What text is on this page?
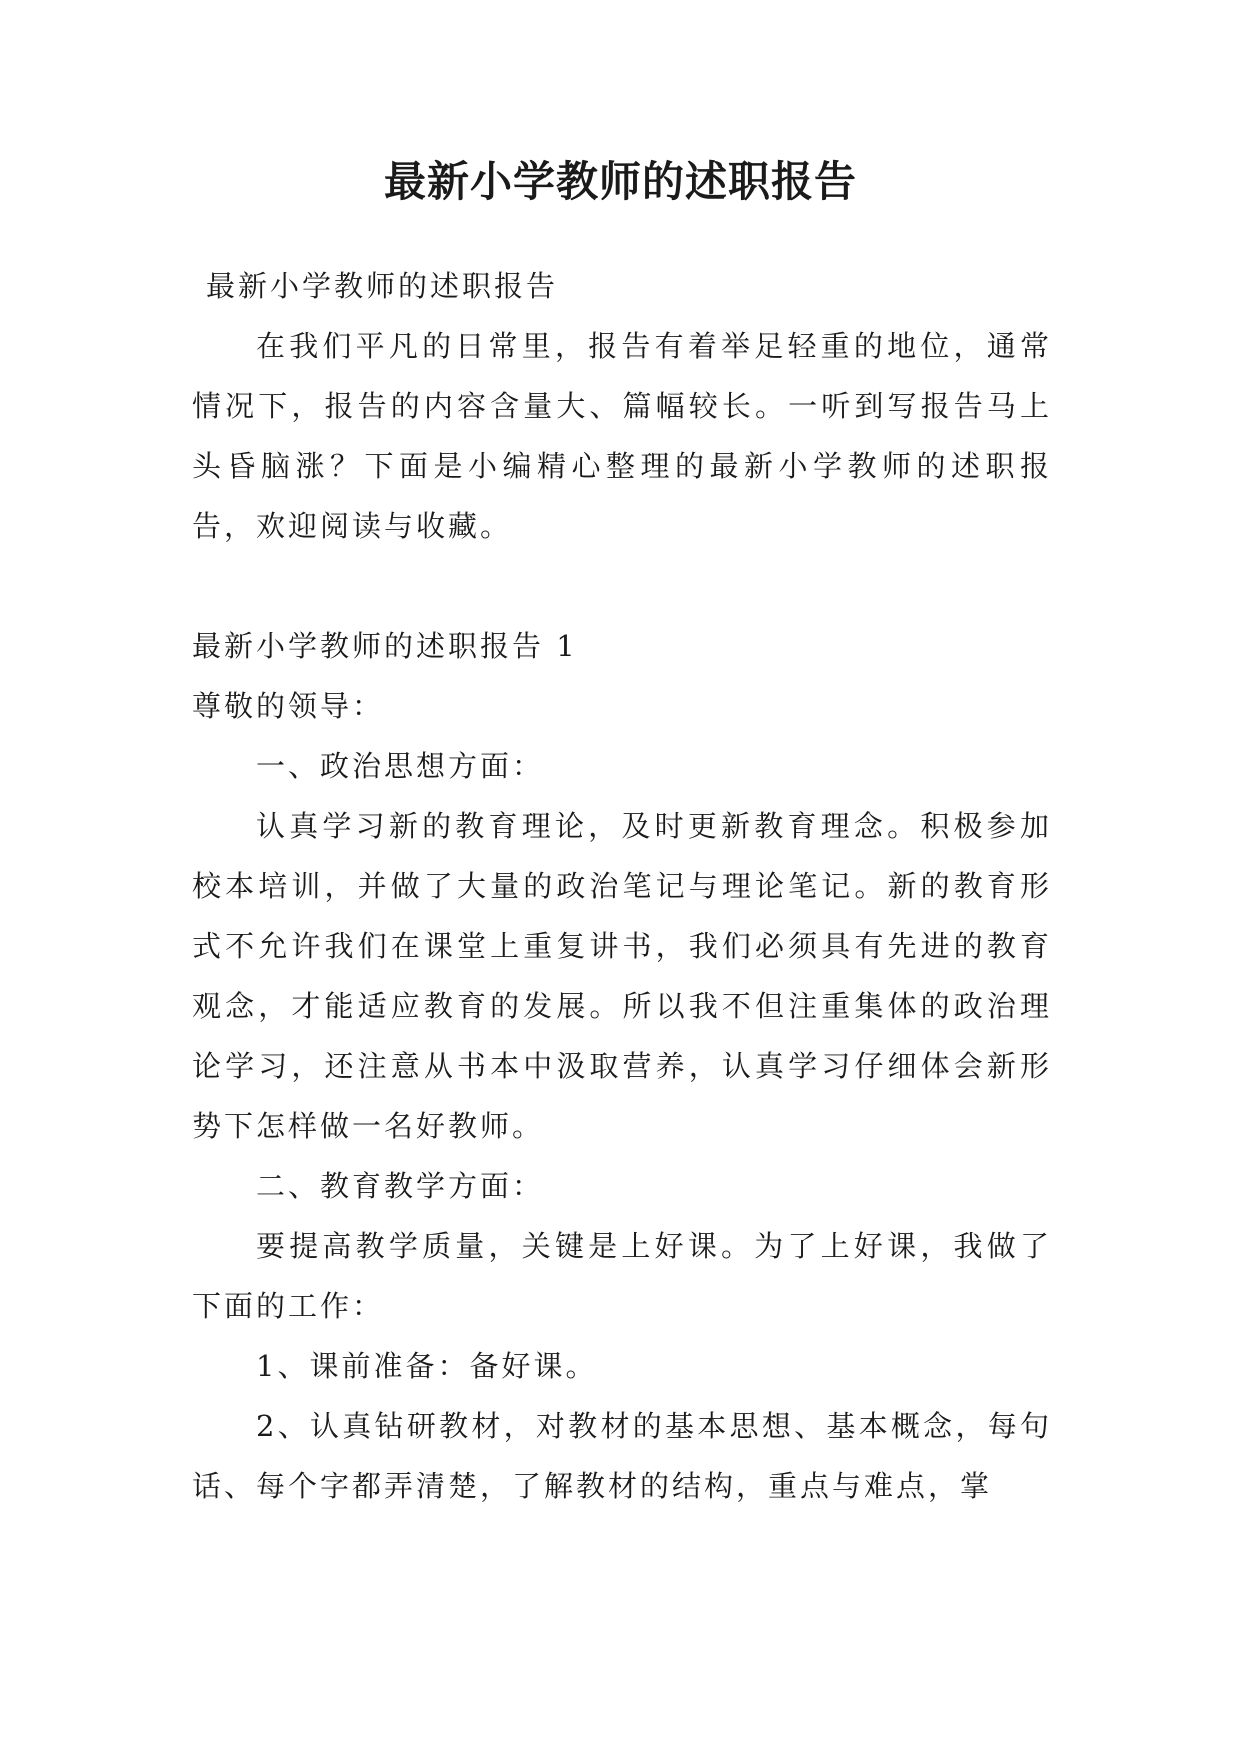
最新小学教师的述职报告

最新小学教师的述职报告

在我们平凡的日常里，报告有着举足轻重的地位，通常情况下，报告的内容含量大、篇幅较长。一听到写报告马上头昏脑涨？下面是小编精心整理的最新小学教师的述职报告，欢迎阅读与收藏。

最新小学教师的述职报告 1

尊敬的领导：

一、政治思想方面：

认真学习新的教育理论，及时更新教育理念。积极参加校本培训，并做了大量的政治笔记与理论笔记。新的教育形式不允许我们在课堂上重复讲书，我们必须具有先进的教育观念，才能适应教育的发展。所以我不但注重集体的政治理论学习，还注意从书本中汲取营养，认真学习仔细体会新形势下怎样做一名好教师。

二、教育教学方面：

要提高教学质量，关键是上好课。为了上好课，我做了下面的工作：

1、课前准备：备好课。

2、认真钻研教材，对教材的基本思想、基本概念，每句话、每个字都弄清楚，了解教材的结构，重点与难点，掌
